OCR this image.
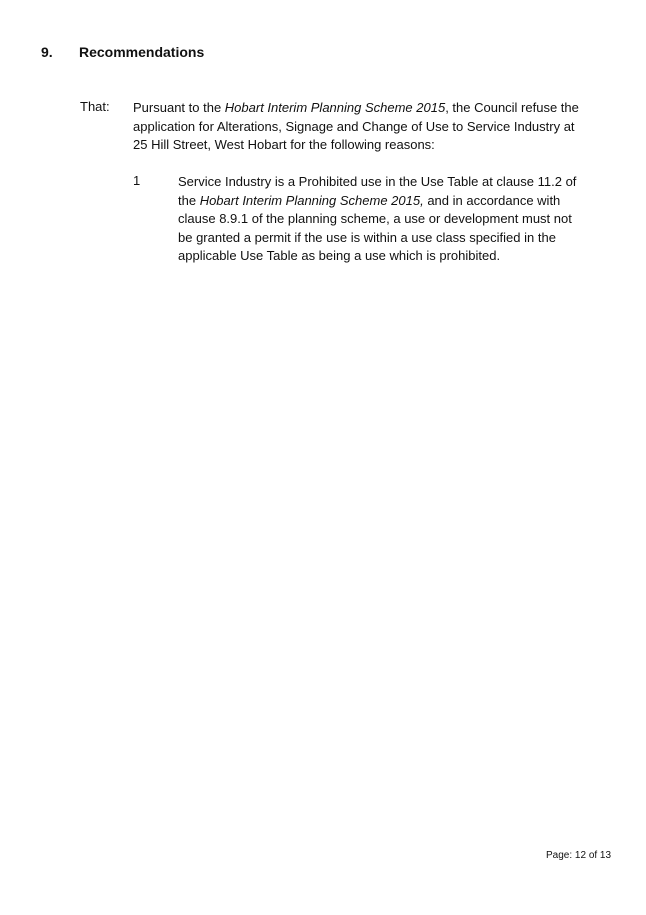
9. Recommendations
That: Pursuant to the Hobart Interim Planning Scheme 2015, the Council refuse the application for Alterations, Signage and Change of Use to Service Industry at 25 Hill Street, West Hobart for the following reasons:
1	Service Industry is a Prohibited use in the Use Table at clause 11.2 of the Hobart Interim Planning Scheme 2015, and in accordance with clause 8.9.1 of the planning scheme, a use or development must not be granted a permit if the use is within a use class specified in the applicable Use Table as being a use which is prohibited.
Page: 12 of 13
